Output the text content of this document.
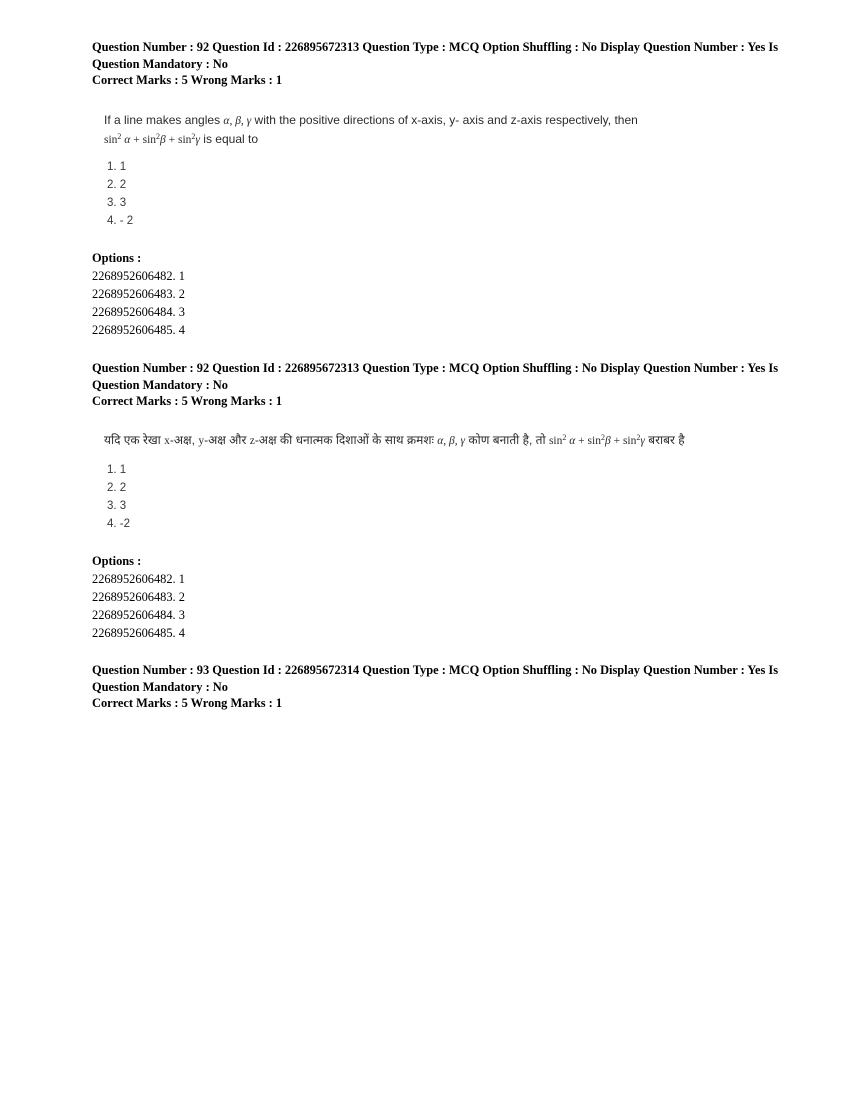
Question Number : 92 Question Id : 226895672313 Question Type : MCQ Option Shuffling : No Display Question Number : Yes Is
Question Mandatory : No
Correct Marks : 5 Wrong Marks : 1
If a line makes angles α, β, γ with the positive directions of x-axis, y- axis and z-axis respectively, then
$\sin^2 \alpha + \sin^2\beta + \sin^2\gamma$ is equal to
1. 1
2. 2
3. 3
4. - 2
Options :
2268952606482. 1
2268952606483. 2
2268952606484. 3
2268952606485. 4
Question Number : 92 Question Id : 226895672313 Question Type : MCQ Option Shuffling : No Display Question Number : Yes Is
Question Mandatory : No
Correct Marks : 5 Wrong Marks : 1
यदि एक रेखा x-अक्ष, y-अक्ष और z-अक्ष की धनात्मक दिशाओं के साथ क्रमशः α, β, γ कोण बनाती है, तो $\sin^2 \alpha + \sin^2\beta + \sin^2\gamma$ बराबर है
1. 1
2. 2
3. 3
4. -2
Options :
2268952606482. 1
2268952606483. 2
2268952606484. 3
2268952606485. 4
Question Number : 93 Question Id : 226895672314 Question Type : MCQ Option Shuffling : No Display Question Number : Yes Is
Question Mandatory : No
Correct Marks : 5 Wrong Marks : 1
